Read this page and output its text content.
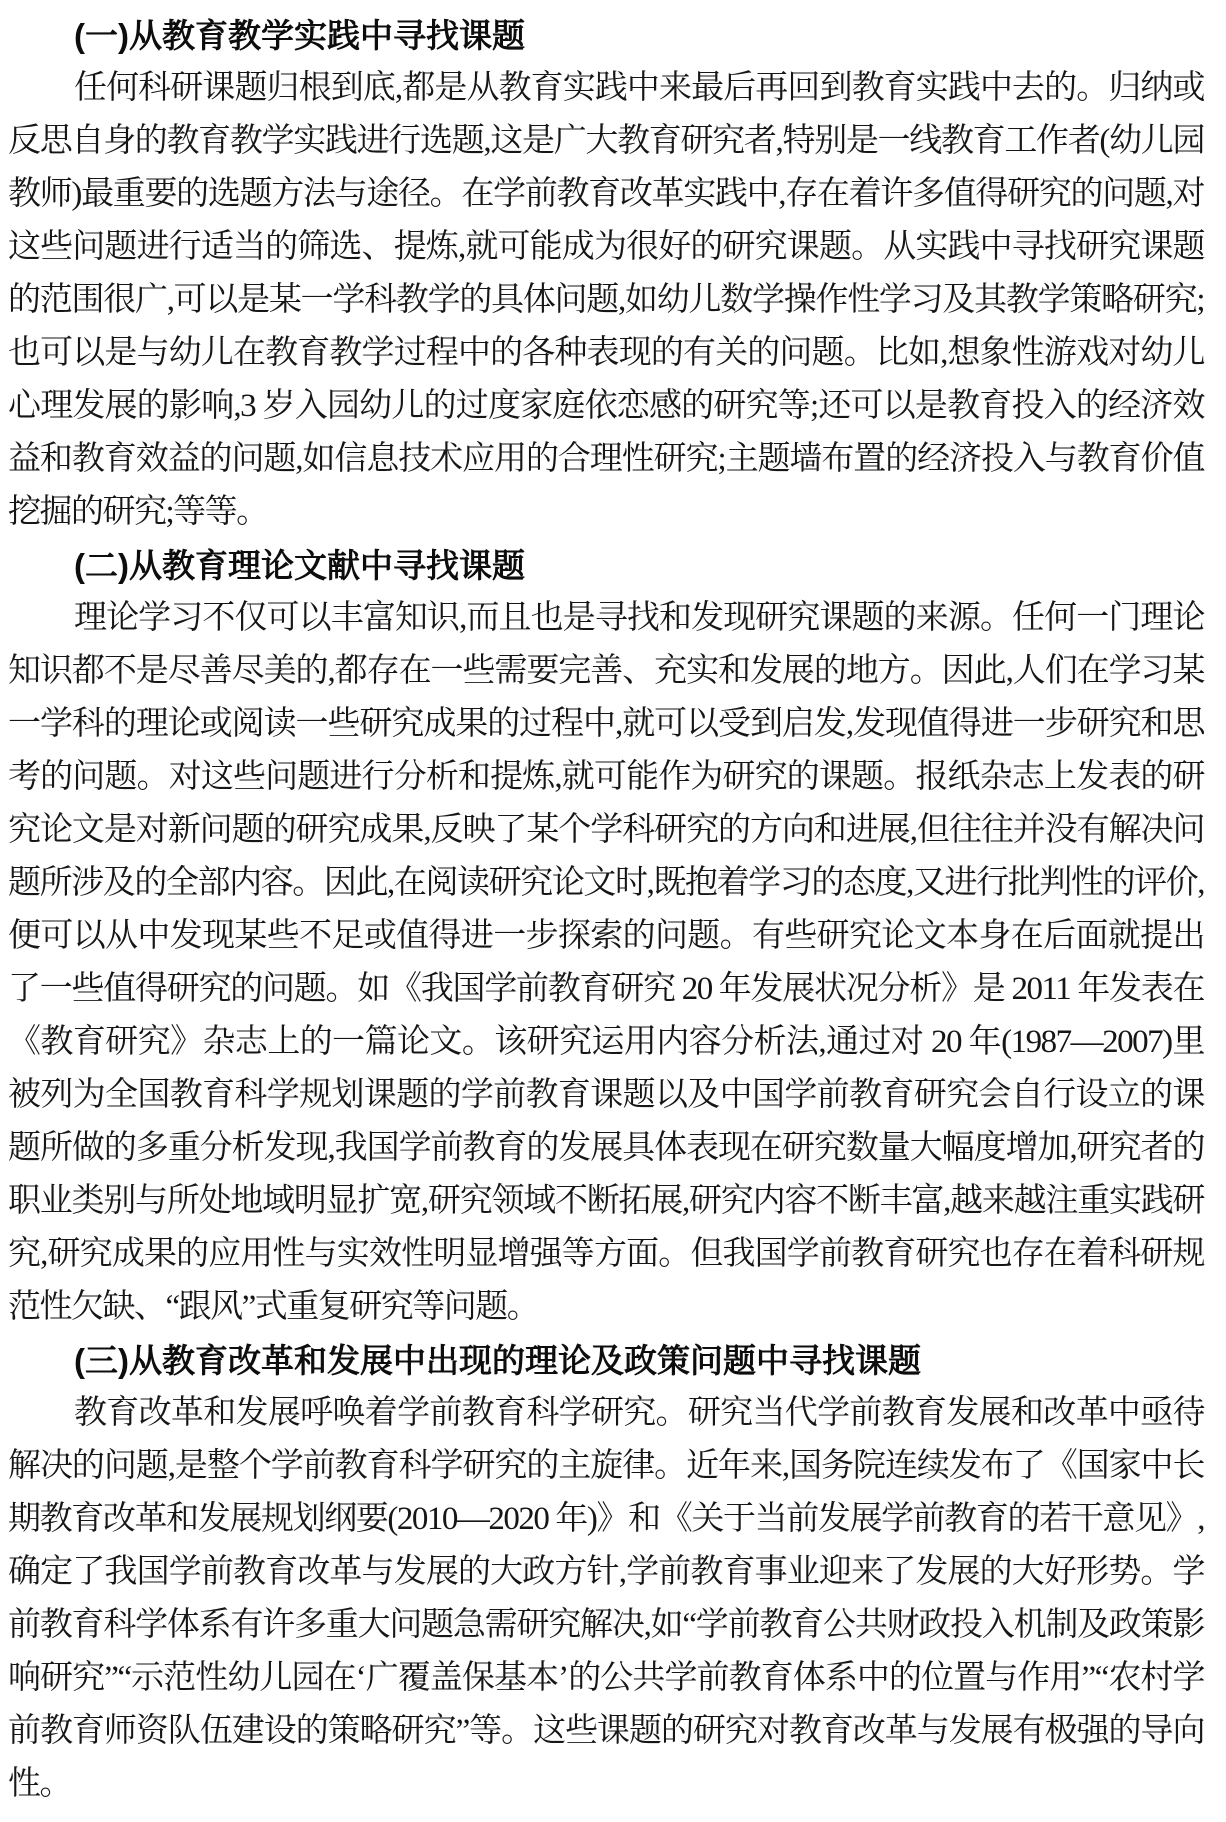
(一)从教育教学实践中寻找课题

任何科研课题归根到底,都是从教育实践中来最后再回到教育实践中去的。归纳或反思自身的教育教学实践进行选题,这是广大教育研究者,特别是一线教育工作者(幼儿园教师)最重要的选题方法与途径。在学前教育改革实践中,存在着许多值得研究的问题,对这些问题进行适当的筛选、提炼,就可能成为很好的研究课题。从实践中寻找研究课题的范围很广,可以是某一学科教学的具体问题,如幼儿数学操作性学习及其教学策略研究;也可以是与幼儿在教育教学过程中的各种表现的有关的问题。比如,想象性游戏对幼儿心理发展的影响,3 岁入园幼儿的过度家庭依恋感的研究等;还可以是教育投入的经济效益和教育效益的问题,如信息技术应用的合理性研究;主题墙布置的经济投入与教育价值挖掘的研究;等等。

(二)从教育理论文献中寻找课题

理论学习不仅可以丰富知识,而且也是寻找和发现研究课题的来源。任何一门理论知识都不是尽善尽美的,都存在一些需要完善、充实和发展的地方。因此,人们在学习某一学科的理论或阅读一些研究成果的过程中,就可以受到启发,发现值得进一步研究和思考的问题。对这些问题进行分析和提炼,就可能作为研究的课题。报纸杂志上发表的研究论文是对新问题的研究成果,反映了某个学科研究的方向和进展,但往往并没有解决问题所涉及的全部内容。因此,在阅读研究论文时,既抱着学习的态度,又进行批判性的评价,便可以从中发现某些不足或值得进一步探索的问题。有些研究论文本身在后面就提出了一些值得研究的问题。如《我国学前教育研究 20 年发展状况分析》是 2011 年发表在《教育研究》杂志上的一篇论文。该研究运用内容分析法,通过对 20 年(1987—2007)里被列为全国教育科学规划课题的学前教育课题以及中国学前教育研究会自行设立的课题所做的多重分析发现,我国学前教育的发展具体表现在研究数量大幅度增加,研究者的职业类别与所处地域明显扩宽,研究领域不断拓展,研究内容不断丰富,越来越注重实践研究,研究成果的应用性与实效性明显增强等方面。但我国学前教育研究也存在着科研规范性欠缺、“跟风”式重复研究等问题。

(三)从教育改革和发展中出现的理论及政策问题中寻找课题

教育改革和发展呼唤着学前教育科学研究。研究当代学前教育发展和改革中亟待解决的问题,是整个学前教育科学研究的主旋律。近年来,国务院连续发布了《国家中长期教育改革和发展规划纲要(2010—2020 年)》和《关于当前发展学前教育的若干意见》,确定了我国学前教育改革与发展的大政方针,学前教育事业迎来了发展的大好形势。学前教育科学体系有许多重大问题急需研究解决,如“学前教育公共财政投入机制及政策影响研究”“示范性幼儿园在‘广覆盖保基本’的公共学前教育体系中的位置与作用”“农村学前教育师资队伍建设的策略研究”等。这些课题的研究对教育改革与发展有极强的导向性。
